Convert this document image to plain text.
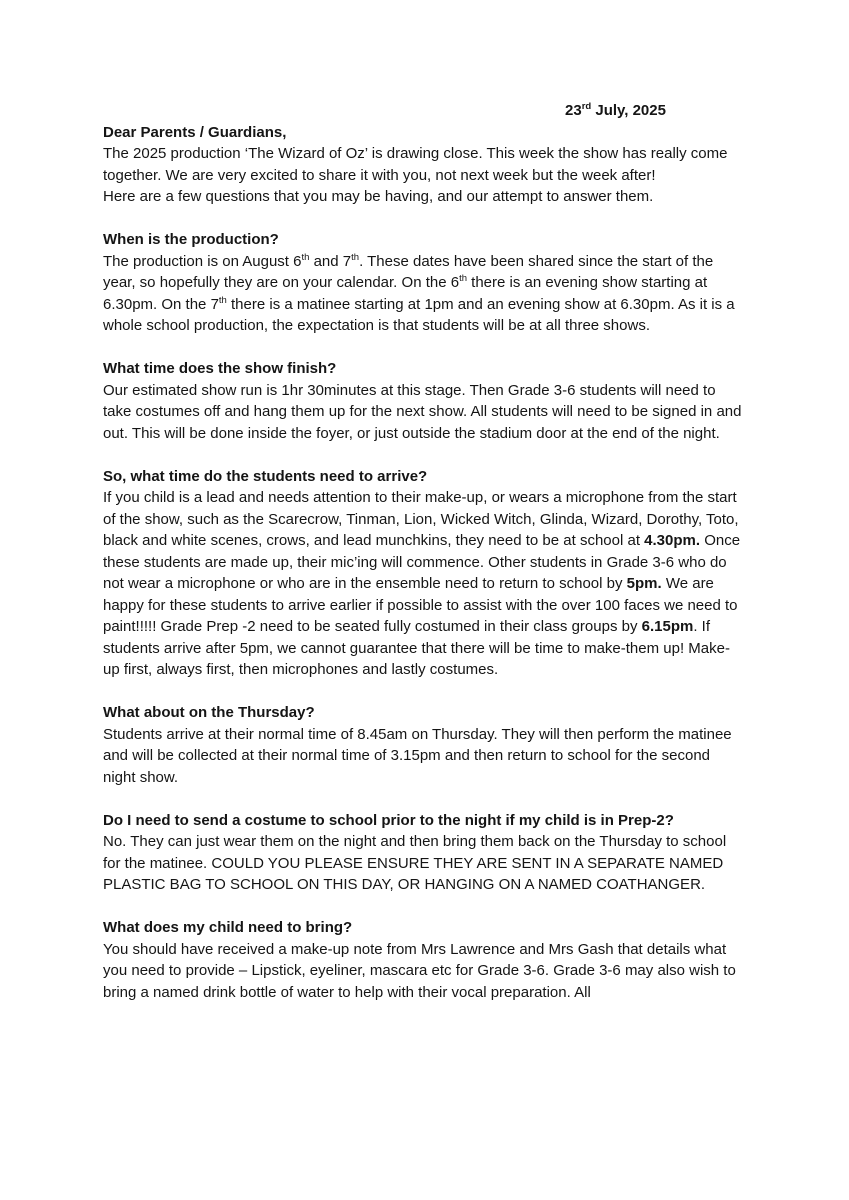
23rd July, 2025

Dear Parents / Guardians,

The 2025 production ‘The Wizard of Oz’ is drawing close. This week the show has really come together. We are very excited to share it with you, not next week but the week after!

Here are a few questions that you may be having, and our attempt to answer them.

When is the production?

The production is on August 6th and 7th. These dates have been shared since the start of the year, so hopefully they are on your calendar. On the 6th there is an evening show starting at 6.30pm. On the 7th there is a matinee starting at 1pm and an evening show at 6.30pm. As it is a whole school production, the expectation is that students will be at all three shows.

What time does the show finish?

Our estimated show run is 1hr 30minutes at this stage. Then Grade 3-6 students will need to take costumes off and hang them up for the next show. All students will need to be signed in and out. This will be done inside the foyer, or just outside the stadium door at the end of the night.

So, what time do the students need to arrive?

If you child is a lead and needs attention to their make-up, or wears a microphone from the start of the show, such as the Scarecrow, Tinman, Lion, Wicked Witch, Glinda, Wizard, Dorothy, Toto, black and white scenes, crows, and lead munchkins, they need to be at school at 4.30pm. Once these students are made up, their mic’ing will commence. Other students in Grade 3-6 who do not wear a microphone or who are in the ensemble need to return to school by 5pm. We are happy for these students to arrive earlier if possible to assist with the over 100 faces we need to paint!!!!! Grade Prep -2 need to be seated fully costumed in their class groups by 6.15pm. If students arrive after 5pm, we cannot guarantee that there will be time to make-them up! Make-up first, always first, then microphones and lastly costumes.

What about on the Thursday?

Students arrive at their normal time of 8.45am on Thursday. They will then perform the matinee and will be collected at their normal time of 3.15pm and then return to school for the second night show.

Do I need to send a costume to school prior to the night if my child is in Prep-2?

No. They can just wear them on the night and then bring them back on the Thursday to school for the matinee. COULD YOU PLEASE ENSURE THEY ARE SENT IN A SEPARATE NAMED PLASTIC BAG TO SCHOOL ON THIS DAY, OR HANGING ON A NAMED COATHANGER.

What does my child need to bring?

You should have received a make-up note from Mrs Lawrence and Mrs Gash that details what you need to provide – Lipstick, eyeliner, mascara etc for Grade 3-6. Grade 3-6 may also wish to bring a named drink bottle of water to help with their vocal preparation. All
